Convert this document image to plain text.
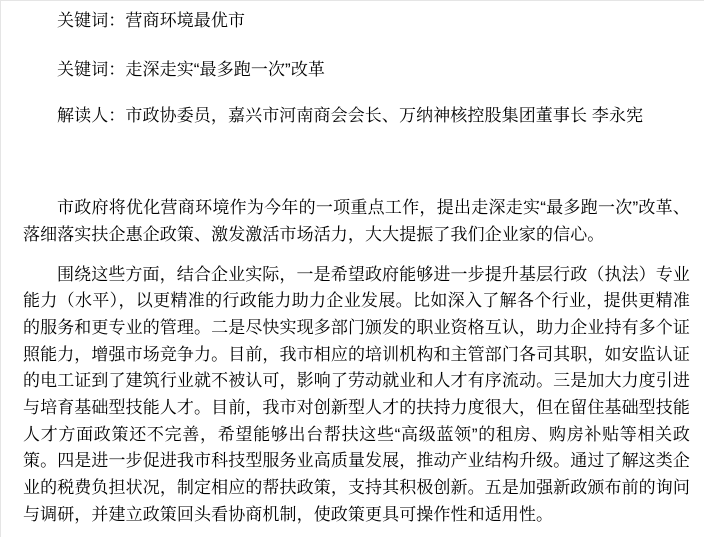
关键词：营商环境最优市

关键词：走深走实“最多跑一次”改革

解读人：市政协委员，嘉兴市河南商会会长、万纳神核控股集团董事长 李永宪

市政府将优化营商环境作为今年的一项重点工作，提出走深走实“最多跑一次”改革、落细落实扶企惠企政策、激发激活市场活力，大大提振了我们企业家的信心。

围绕这些方面，结合企业实际，一是希望政府能够进一步提升基层行政（执法）专业能力（水平），以更精准的行政能力助力企业发展。比如深入了解各个行业，提供更精准的服务和更专业的管理。二是尽快实现多部门颁发的职业资格互认，助力企业持有多个证照能力，增强市场竞争力。目前，我市相应的培训机构和主管部门各司其职，如安监认证的电工证到了建筑行业就不被认可，影响了劳动就业和人才有序流动。三是加大力度引进与培育基础型技能人才。目前，我市对创新型人才的扶持力度很大，但在留住基础型技能人才方面政策还不完善，希望能够出台帮扶这些“高级蓝领”的租房、购房补贴等相关政策。四是进一步促进我市科技型服务业高质量发展，推动产业结构升级。通过了解这类企业的税费负担状况，制定相应的帮扶政策，支持其积极创新。五是加强新政颁布前的询问与调研，并建立政策回头看协商机制，使政策更具可操作性和适用性。
